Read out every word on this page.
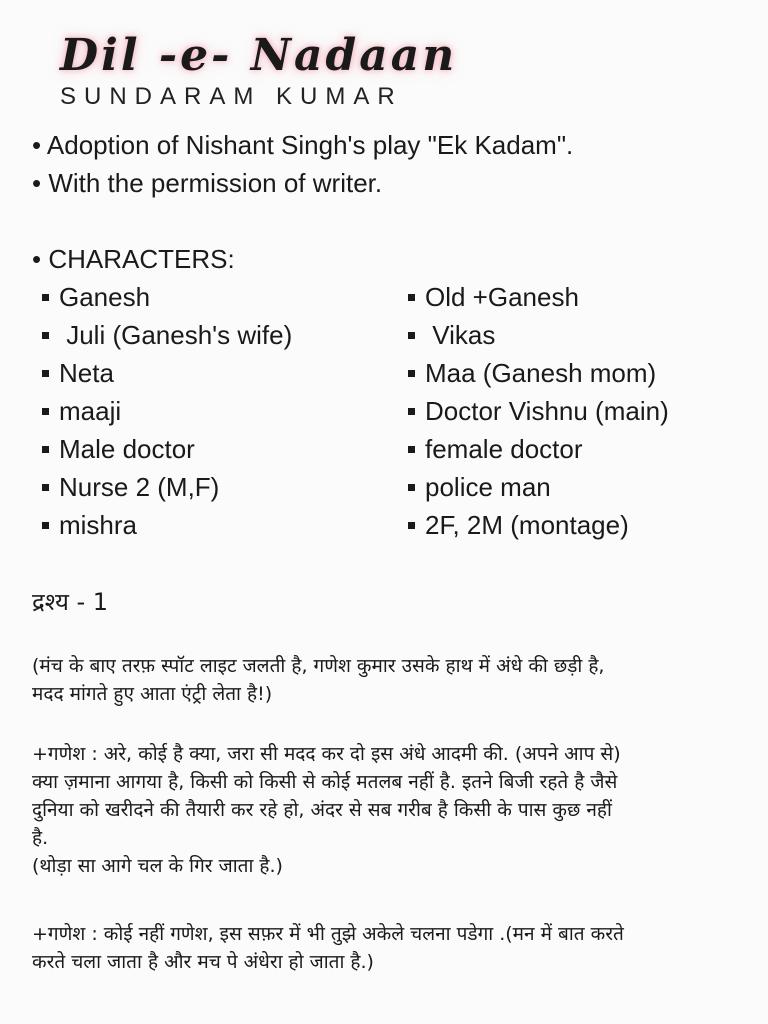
Dil -e- Nadaan
SUNDARAM KUMAR
• Adoption of Nishant Singh's play "Ek Kadam".
• With the permission of writer.
• CHARACTERS:
Ganesh
Juli (Ganesh's wife)
Neta
maaji
Male doctor
Nurse 2 (M,F)
mishra
Old +Ganesh
Vikas
Maa (Ganesh mom)
Doctor Vishnu (main)
female doctor
police man
2F, 2M (montage)
द्रश्य - 1
(मंच के बाए तरफ़ स्पॉट लाइट जलती है, गणेश कुमार उसके हाथ में अंधे की छड़ी है,
मदद मांगते हुए आता एंट्री लेता है!)
+गणेश : अरे, कोई है क्या, जरा सी मदद कर दो इस अंधे आदमी की. (अपने आप से)
क्या ज़माना आगया है, किसी को किसी से कोई मतलब नहीं है. इतने बिजी रहते है जैसे
दुनिया को खरीदने की तैयारी कर रहे हो, अंदर से सब गरीब है किसी के पास कुछ नहीं
है.
(थोड़ा सा आगे चल के गिर जाता है.)
+गणेश : कोई नहीं गणेश, इस सफ़र में भी तुझे अकेले चलना पडेगा .(मन में बात करते
करते चला जाता है और मच पे अंधेरा हो जाता है.)
